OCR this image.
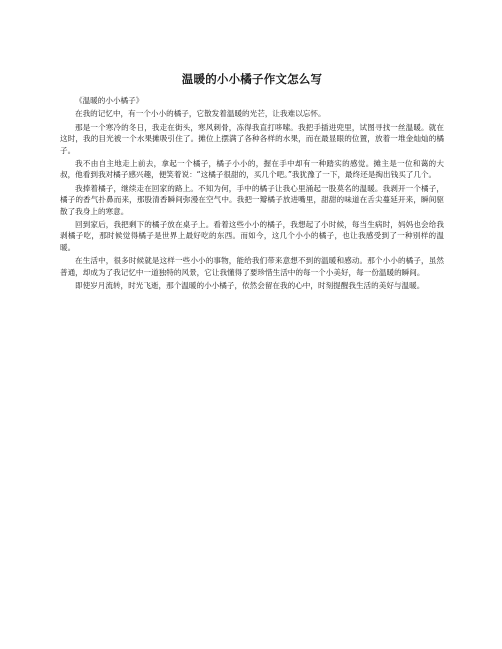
温暖的小小橘子作文怎么写

《温暖的小小橘子》

在我的记忆中，有一个小小的橘子，它散发着温暖的光芒，让我难以忘怀。

那是一个寒冷的冬日，我走在街头，寒风刺骨，冻得我直打哆嗦。我把手插进兜里，试图寻找一丝温暖。就在这时，我的目光被一个水果摊吸引住了。摊位上摆满了各种各样的水果，而在最显眼的位置，放着一堆金灿灿的橘子。

我不由自主地走上前去，拿起一个橘子，橘子小小的，握在手中却有一种踏实的感觉。摊主是一位和蔼的大叔，他看到我对橘子感兴趣，便笑着说：“这橘子很甜的，买几个吧。”我犹豫了一下，最终还是掏出钱买了几个。

我捧着橘子，继续走在回家的路上。不知为何，手中的橘子让我心里涌起一股莫名的温暖。我剥开一个橘子，橘子的香气扑鼻而来，那股清香瞬间弥漫在空气中。我把一瓣橘子放进嘴里，甜甜的味道在舌尖蔓延开来，瞬间驱散了我身上的寒意。

回到家后，我把剩下的橘子放在桌子上。看着这些小小的橘子，我想起了小时候，每当生病时，妈妈也会给我剥橘子吃，那时候觉得橘子是世界上最好吃的东西。而如今，这几个小小的橘子，也让我感受到了一种别样的温暖。

在生活中，很多时候就是这样一些小小的事物，能给我们带来意想不到的温暖和感动。那个小小的橘子，虽然普通，却成为了我记忆中一道独特的风景，它让我懂得了要珍惜生活中的每一个小美好，每一份温暖的瞬间。

即使岁月流转，时光飞逝，那个温暖的小小橘子，依然会留在我的心中，时刻提醒我生活的美好与温暖。
